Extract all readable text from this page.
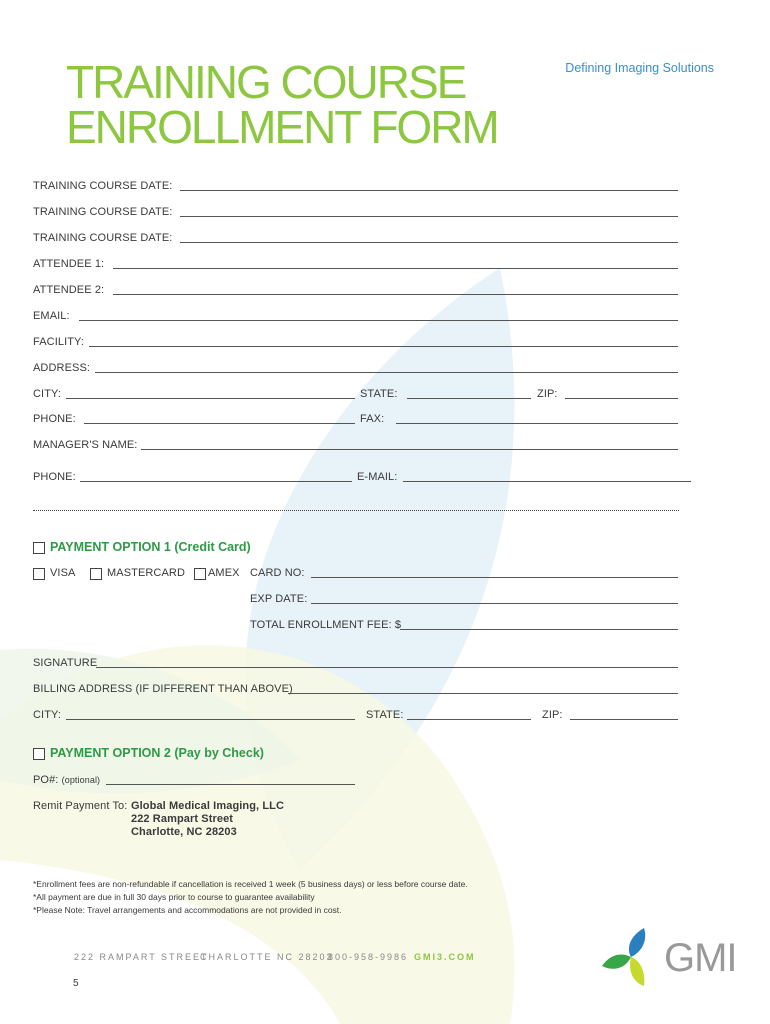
TRAINING COURSE
ENROLLMENT FORM
Defining Imaging Solutions
TRAINING COURSE DATE:
TRAINING COURSE DATE:
TRAINING COURSE DATE:
ATTENDEE 1:
ATTENDEE 2:
EMAIL:
FACILITY:
ADDRESS:
CITY:	STATE:	ZIP:
PHONE:	FAX:
MANAGER'S NAME:
PHONE:	E-MAIL:
PAYMENT OPTION 1 (Credit Card)
VISA	MASTERCARD AMEX CARD NO:
EXP DATE:
TOTAL ENROLLMENT FEE: $
SIGNATURE
BILLING ADDRESS (IF DIFFERENT THAN ABOVE)
CITY:	STATE:	ZIP:
PAYMENT OPTION 2 (Pay by Check)
PO#: (optional)
Remit Payment To: Global Medical Imaging, LLC
222 Rampart Street
Charlotte, NC 28203
*Enrollment fees are non-refundable if cancellation is received 1 week (5 business days) or less before course date.
*All payment are due in full 30 days prior to course to guarantee availability
*Please Note: Travel arrangements and accommodations are not provided in cost.
222 RAMPART STREET
CHARLOTTE NC 28203
800-958-9986 GMI3.COM
5
GMI
